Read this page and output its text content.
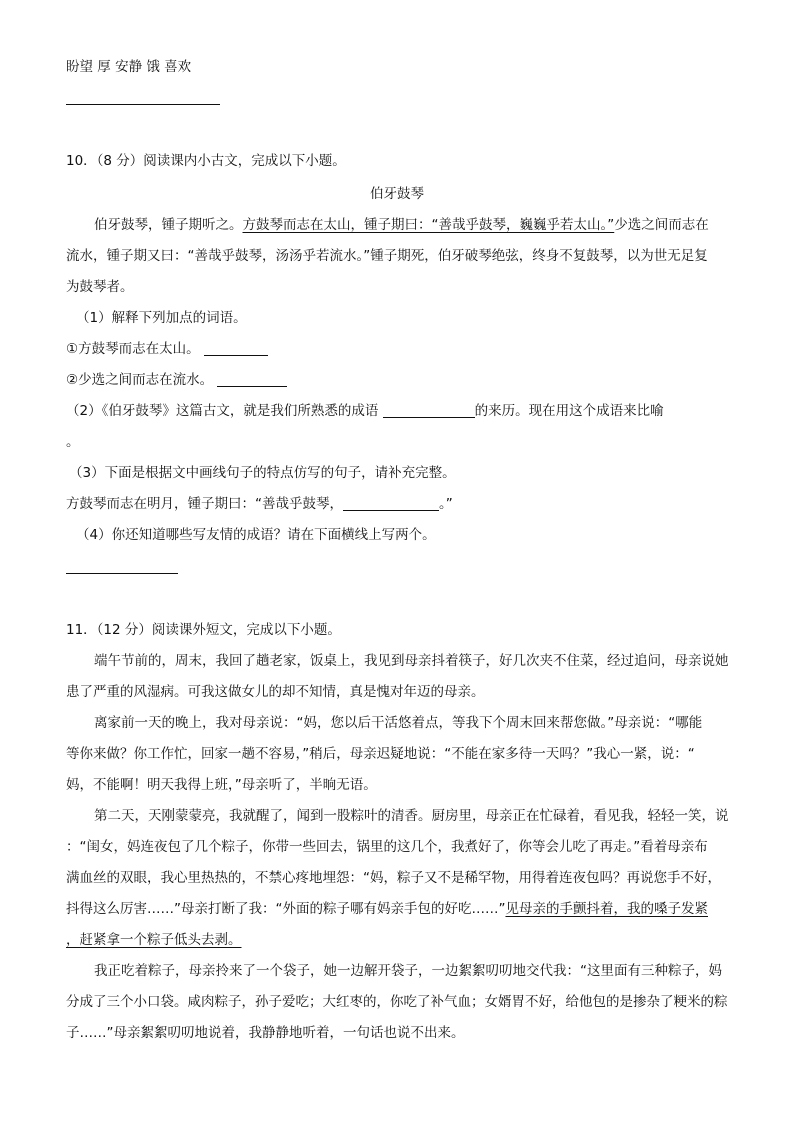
盼望 厚 安静 饿 喜欢
10．（8 分）阅读课内小古文，完成以下小题。
伯牙鼓琴
伯牙鼓琴，锺子期听之。方鼓琴而志在太山，锺子期曰：“善哉乎鼓琴，巍巍乎若太山。”少选之间而志在
流水，锺子期又曰：“善哉乎鼓琴，汤汤乎若流水。”锺子期死，伯牙破琴绝弦，终身不复鼓琴，以为世无足复
为鼓琴者。
（1）解释下列加点的词语。
①方鼓琴而志在太山。
②少选之间而志在流水。
（2）《伯牙鼓琴》这篇古文，就是我们所熟悉的成语	的来历。现在用这个成语来比喻
。
（3）下面是根据文中画线句子的特点仿写的句子，请补充完整。
方鼓琴而志在明月，锺子期曰：“善哉乎鼓琴，	。”
（4）你还知道哪些写友情的成语？请在下面横线上写两个。
11．（12 分）阅读课外短文，完成以下小题。
端午节前的，周末，我回了趟老家，饭桌上，我见到母亲抖着筷子，好几次夹不住菜，经过追问，母亲说她
患了严重的风湿病。可我这做女儿的却不知情，真是愧对年迈的母亲。
离家前一天的晚上，我对母亲说：“妈，您以后干活悠着点，等我下个周末回来帮您做。”母亲说：“哪能
等你来做？你工作忙，回家一趟不容易，”稍后，母亲迟疑地说：“不能在家多待一天吗？”我心一紧，说：“
妈，不能啊！明天我得上班，”母亲听了，半晌无语。
第二天，天刚蒙蒙亮，我就醒了，闻到一股粽叶的清香。厨房里，母亲正在忙碌着，看见我，轻轻一笑，说
：“闺女，妈连夜包了几个粽子，你带一些回去，锅里的这几个，我煮好了，你等会儿吃了再走。”看着母亲布
满血丝的双眼，我心里热热的，不禁心疼地埋怨：“妈，粽子又不是稀罕物，用得着连夜包吗？再说您手不好，
抖得这么厉害……”母亲打断了我：“外面的粽子哪有妈亲手包的好吃……”见母亲的手颤抖着，我的嗓子发紧
，赶紧拿一个粽子低头去剥。
我正吃着粽子，母亲拎来了一个袋子，她一边解开袋子，一边絮絮叨叨地交代我：“这里面有三种粽子，妈
分成了三个小口袋。咸肉粽子，孙子爱吃；大红枣的，你吃了补气血；女婿胃不好，给他包的是掺杂了粳米的粽
子……”母亲絮絮叨叨地说着，我静静地听着，一句话也说不出来。
